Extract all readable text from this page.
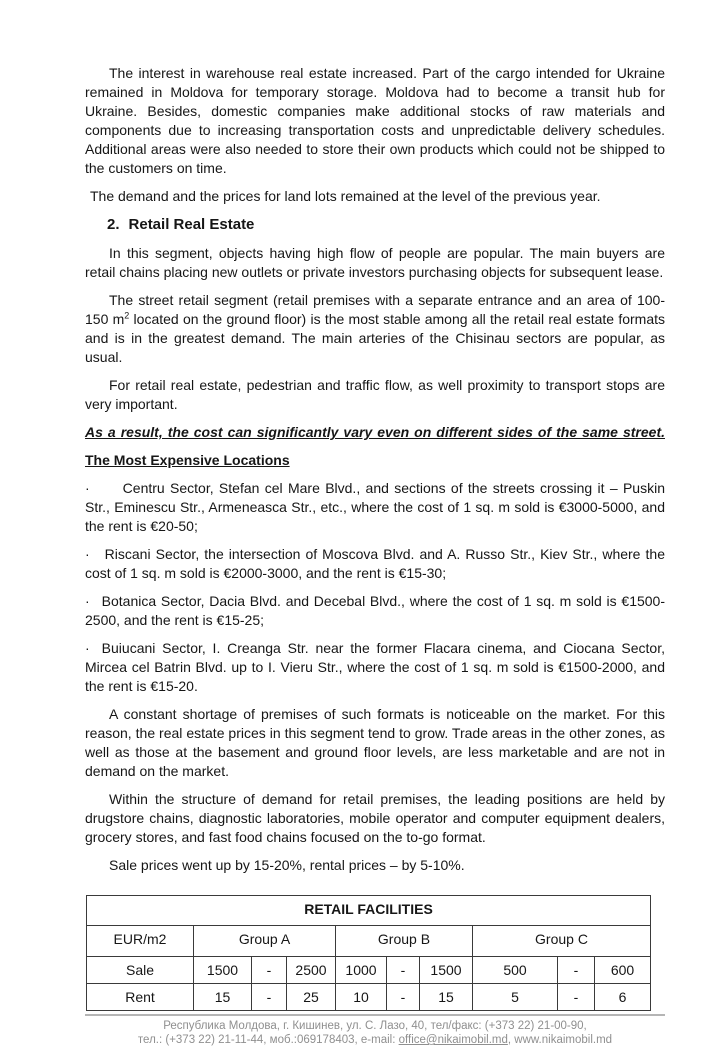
The interest in warehouse real estate increased. Part of the cargo intended for Ukraine remained in Moldova for temporary storage. Moldova had to become a transit hub for Ukraine. Besides, domestic companies make additional stocks of raw materials and components due to increasing transportation costs and unpredictable delivery schedules. Additional areas were also needed to store their own products which could not be shipped to the customers on time.

The demand and the prices for land lots remained at the level of the previous year.

2. Retail Real Estate

In this segment, objects having high flow of people are popular. The main buyers are retail chains placing new outlets or private investors purchasing objects for subsequent lease.

The street retail segment (retail premises with a separate entrance and an area of 100-150 $m^2$ located on the ground floor) is the most stable among all the retail real estate formats and is in the greatest demand. The main arteries of the Chisinau sectors are popular, as usual.

For retail real estate, pedestrian and traffic flow, as well proximity to transport stops are very important.

As a result, the cost can significantly vary even on different sides of the same street.

The Most Expensive Locations

· Centru Sector, Stefan cel Mare Blvd., and sections of the streets crossing it – Puskin Str., Eminescu Str., Armeneasca Str., etc., where the cost of 1 sq. m sold is €3000-5000, and the rent is €20-50;

· Riscani Sector, the intersection of Moscova Blvd. and A. Russo Str., Kiev Str., where the cost of 1 sq. m sold is €2000-3000, and the rent is €15-30;

· Botanica Sector, Dacia Blvd. and Decebal Blvd., where the cost of 1 sq. m sold is €1500-2500, and the rent is €15-25;

· Buiucani Sector, I. Creanga Str. near the former Flacara cinema, and Ciocana Sector, Mircea cel Batrin Blvd. up to I. Vieru Str., where the cost of 1 sq. m sold is €1500-2000, and the rent is €15-20.

A constant shortage of premises of such formats is noticeable on the market. For this reason, the real estate prices in this segment tend to grow. Trade areas in the other zones, as well as those at the basement and ground floor levels, are less marketable and are not in demand on the market.

Within the structure of demand for retail premises, the leading positions are held by drugstore chains, diagnostic laboratories, mobile operator and computer equipment dealers, grocery stores, and fast food chains focused on the to-go format.

Sale prices went up by 15-20%, rental prices – by 5-10%.

RETAIL FACILITIES									
EUR/m2	Group A			Group B			Group C		
Sale	1500	-	2500	1000	-	1500	500	-	600
Rent	15	-	25	10	-	15	5	-	6
Республика Молдова, г. Кишинев, ул. С. Лазо, 40, тел/факс: (+373 22) 21-00-90,
тел.: (+373 22) 21-11-44, моб.:069178403, e-mail: office@nikaimobil.md, www.nikaimobil.md
